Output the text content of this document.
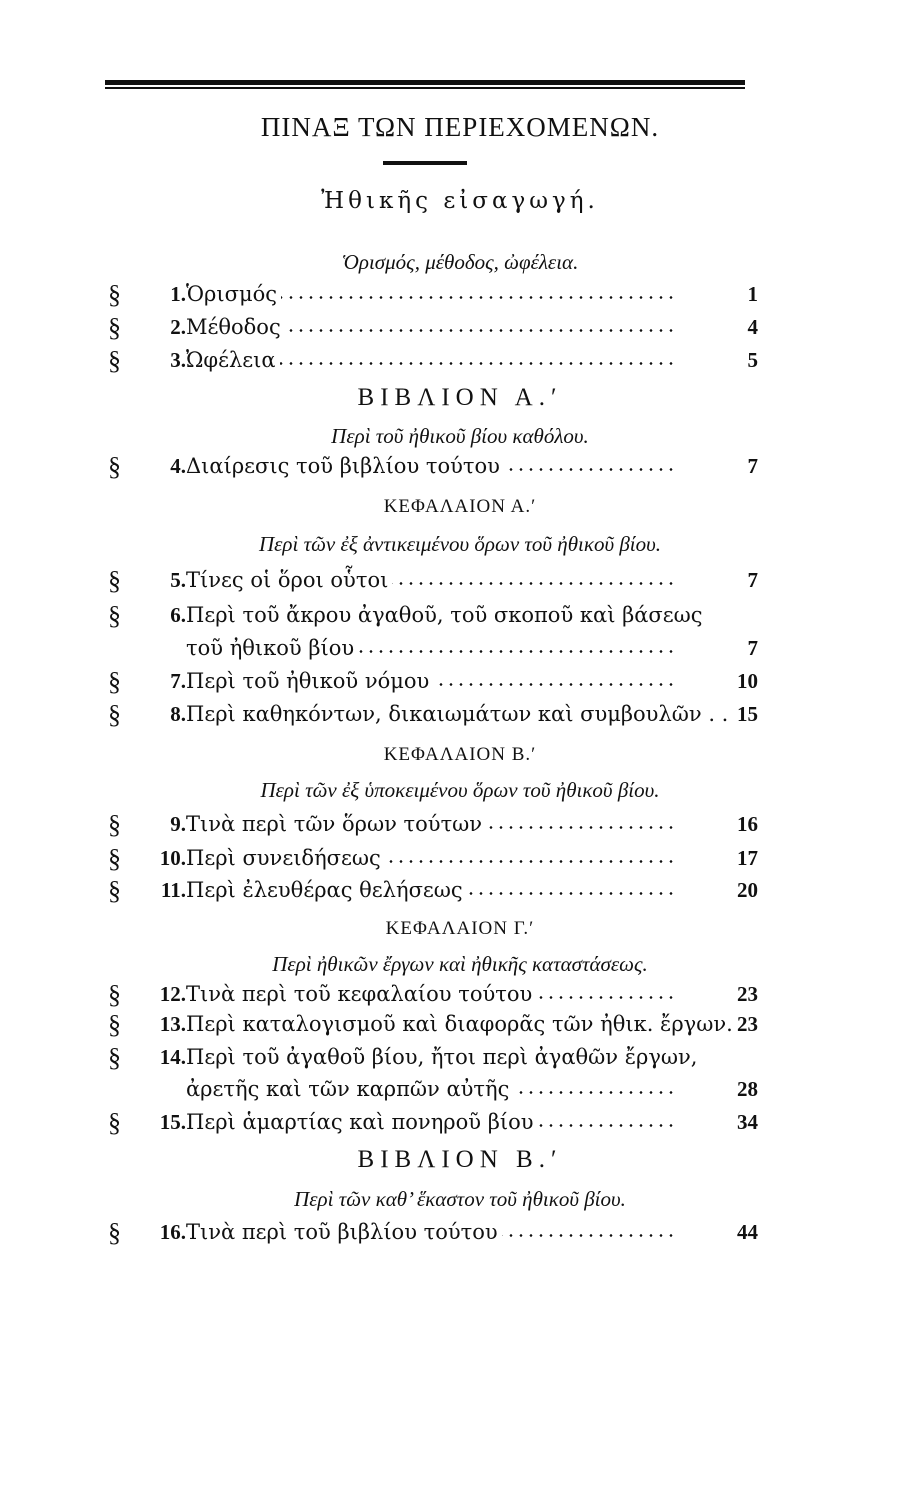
ΠΙΝΑΞ ΤΩΝ ΠΕΡΙΕΧΟΜΕΝΩΝ.
Ἠθικῆς εἰσαγωγή.
Ὁρισμός, μέθοδος, ὠφέλεια.
§	1. Ὁρισμός	1
§	2. Μέθοδος	4
§	3. Ὠφέλεια	5
ΒΙΒΛΙΟΝ Α.ʹ
Περὶ τοῦ ἠθικοῦ βίου καθόλου.
§	4. Διαίρεσις τοῦ βιβλίου τούτου	7
ΚΕΦΑΛΑΙΟΝ Α.ʹ
Περὶ τῶν ἐξ ἀντικειμένου ὅρων τοῦ ἠθικοῦ βίου.
§	5. Τίνες οἱ ὅροι οὗτοι	7
§	6. Περὶ τοῦ ἄκρου ἀγαθοῦ, τοῦ σκοποῦ καὶ βάσεως
τοῦ ἠθικοῦ βίου	7
§	7. Περὶ τοῦ ἠθικοῦ νόμου	10
§	8. Περὶ καθηκόντων, δικαιωμάτων καὶ συμβουλῶν . . 15
ΚΕΦΑΛΑΙΟΝ Β.ʹ
Περὶ τῶν ἐξ ὑποκειμένου ὅρων τοῦ ἠθικοῦ βίου.
§	9. Τινὰ περὶ τῶν ὅρων τούτων	16
§	10. Περὶ συνειδήσεως	17
§	11. Περὶ ἐλευθέρας θελήσεως	20
ΚΕΦΑΛΑΙΟΝ Γ.ʹ
Περὶ ἠθικῶν ἔργων καὶ ἠθικῆς καταστάσεως.
§	12. Τινὰ περὶ τοῦ κεφαλαίου τούτου	23
§	13. Περὶ καταλογισμοῦ καὶ διαφορᾶς τῶν ἠθικ. ἔργων. 23
§	14. Περὶ τοῦ ἀγαθοῦ βίου, ἤτοι περὶ ἀγαθῶν ἔργων,
ἀρετῆς καὶ τῶν καρπῶν αὐτῆς	28
§	15. Περὶ ἁμαρτίας καὶ πονηροῦ βίου	34
ΒΙΒΛΙΟΝ Β.ʹ
Περὶ τῶν καθ’ ἕκαστον τοῦ ἠθικοῦ βίου.
§	16. Τινὰ περὶ τοῦ βιβλίου τούτου	44
